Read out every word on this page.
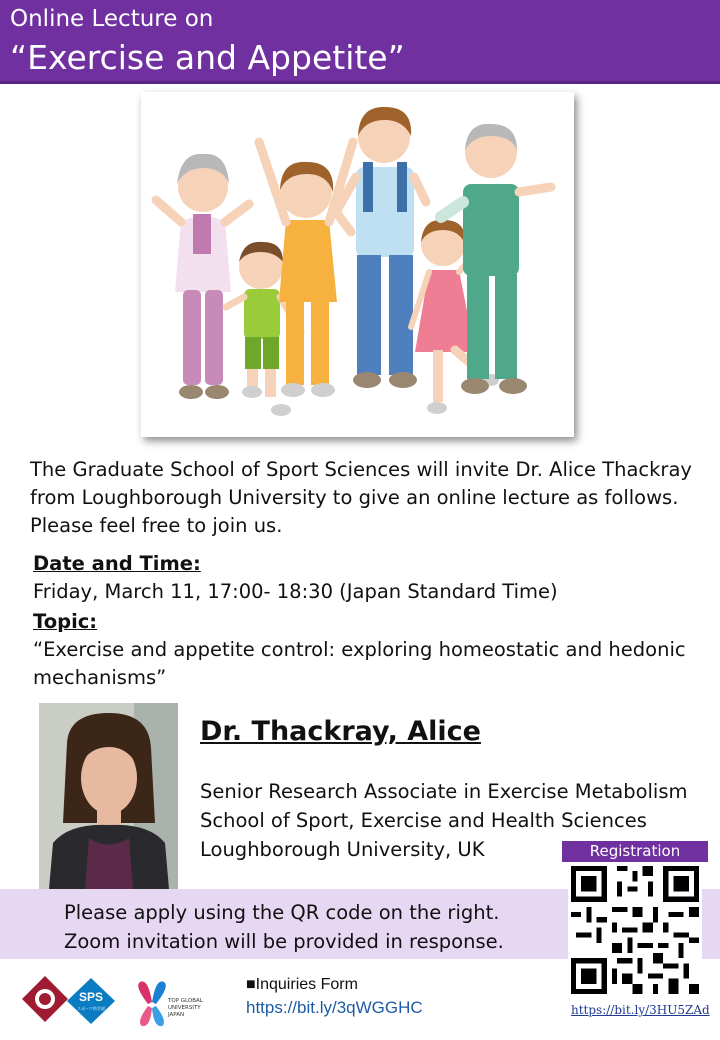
Online Lecture on
“Exercise and Appetite”
The Graduate School of Sport Sciences will invite Dr. Alice Thackray from Loughborough University to give an online lecture as follows. Please feel free to join us.
Date and Time:
Friday, March 11, 17:00- 18:30 (Japan Standard Time)
Topic:
“Exercise and appetite control: exploring homeostatic and hedonic mechanisms”
Dr. Thackray, Alice
Senior Research Associate in Exercise Metabolism
School of Sport, Exercise and Health Sciences
Loughborough University, UK	Registration
Please apply using the QR code on the right.
Zoom invitation will be provided in response.
https://bit.ly/3HU5ZAd
SPS
スポーツ科学部
TOP GLOBAL
UNIVERSITY
JAPAN
■Inquiries Form
https://bit.ly/3qWGGHC
